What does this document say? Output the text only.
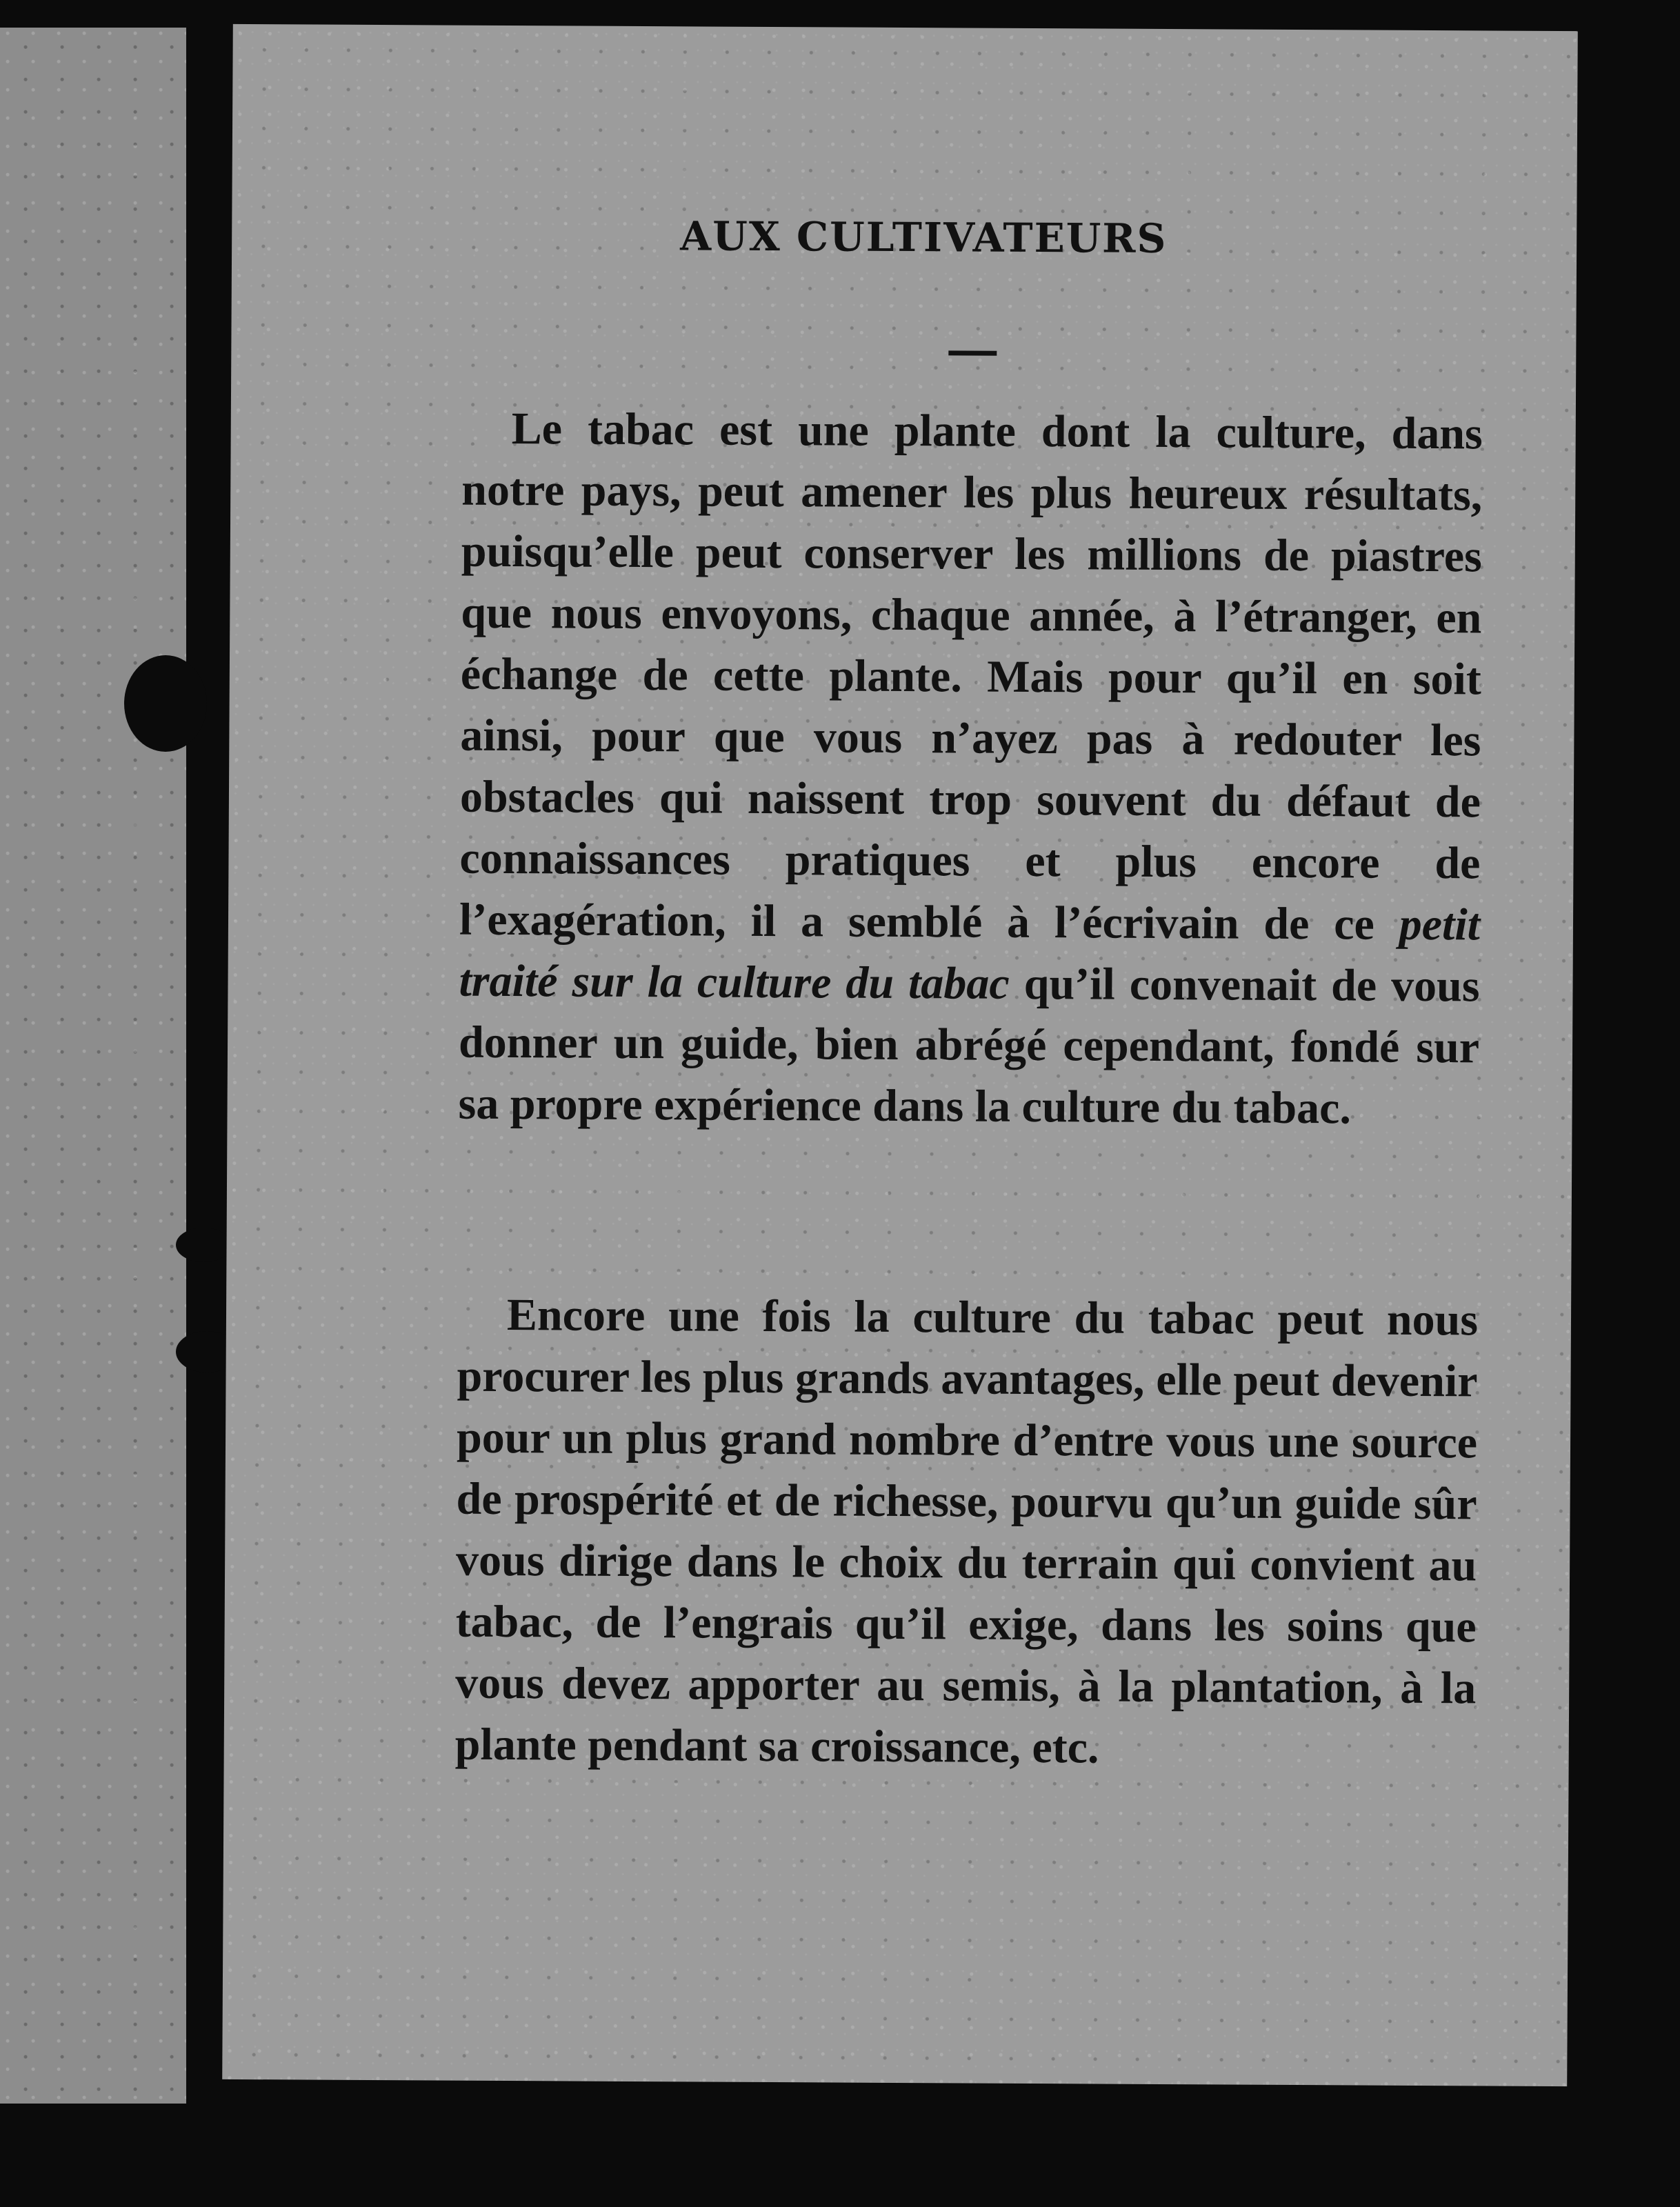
AUX CULTIVATEURS

Le tabac est une plante dont la culture, dans notre pays, peut amener les plus heureux résultats, puisqu’elle peut conserver les millions de piastres que nous envoyons, chaque année, à l’étranger, en échange de cette plante. Mais pour qu’il en soit ainsi, pour que vous n’ayez pas à redouter les obstacles qui naissent trop souvent du défaut de connaissances pratiques et plus encore de l’exagération, il a semblé à l’écrivain de ce petit traité sur la culture du tabac qu’il convenait de vous donner un guide, bien abrégé cependant, fondé sur sa propre expérience dans la culture du tabac.

Encore une fois la culture du tabac peut nous procurer les plus grands avantages, elle peut devenir pour un plus grand nombre d’entre vous une source de prospérité et de richesse, pourvu qu’un guide sûr vous dirige dans le choix du terrain qui convient au tabac, de l’engrais qu’il exige, dans les soins que vous devez apporter au semis, à la plantation, à la plante pendant sa croissance, etc.
